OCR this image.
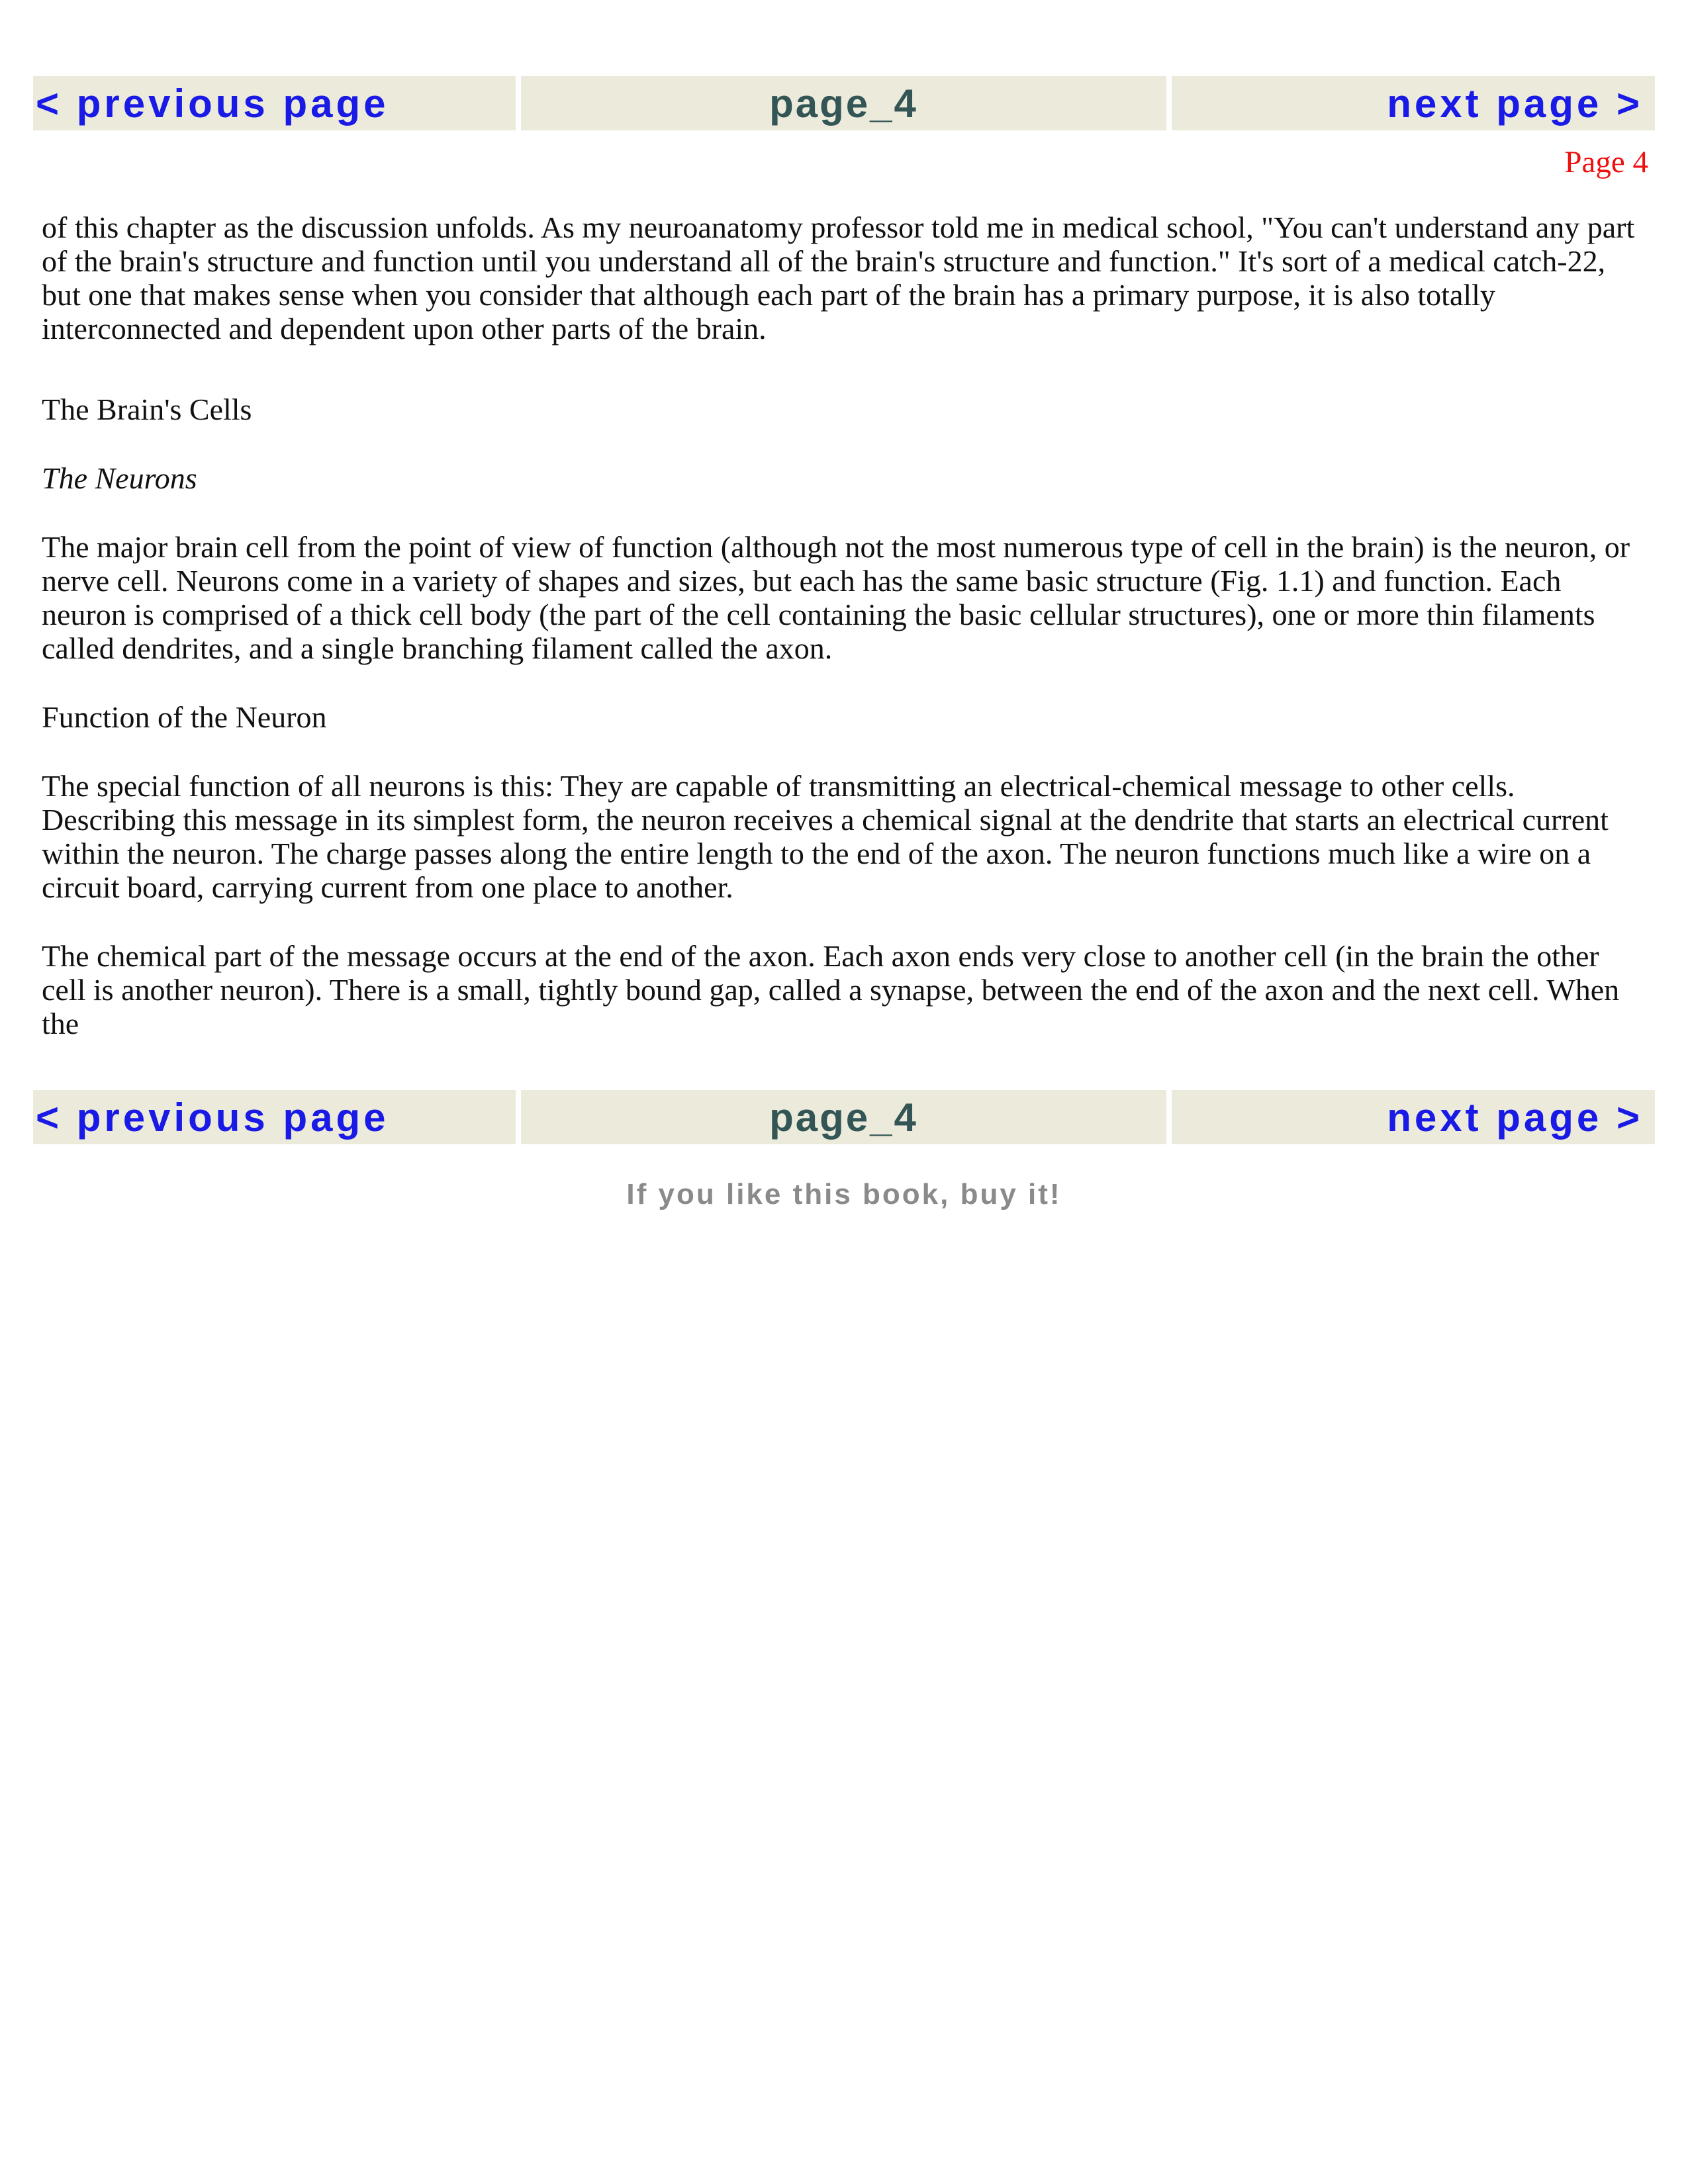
< previous page	page_4	next page >
Page 4

of this chapter as the discussion unfolds. As my neuroanatomy professor told me in medical school, "You can't understand any part of the brain's structure and function until you understand all of the brain's structure and function." It's sort of a medical catch-22, but one that makes sense when you consider that although each part of the brain has a primary purpose, it is also totally interconnected and dependent upon other parts of the brain.

The Brain's Cells

The Neurons

The major brain cell from the point of view of function (although not the most numerous type of cell in the brain) is the neuron, or nerve cell. Neurons come in a variety of shapes and sizes, but each has the same basic structure (Fig. 1.1) and function. Each neuron is comprised of a thick cell body (the part of the cell containing the basic cellular structures), one or more thin filaments called dendrites, and a single branching filament called the axon.

Function of the Neuron

The special function of all neurons is this: They are capable of transmitting an electrical-chemical message to other cells. Describing this message in its simplest form, the neuron receives a chemical signal at the dendrite that starts an electrical current within the neuron. The charge passes along the entire length to the end of the axon. The neuron functions much like a wire on a circuit board, carrying current from one place to another.

The chemical part of the message occurs at the end of the axon. Each axon ends very close to another cell (in the brain the other cell is another neuron). There is a small, tightly bound gap, called a synapse, between the end of the axon and the next cell. When the

< previous page	page_4	next page >
If you like this book, buy it!
